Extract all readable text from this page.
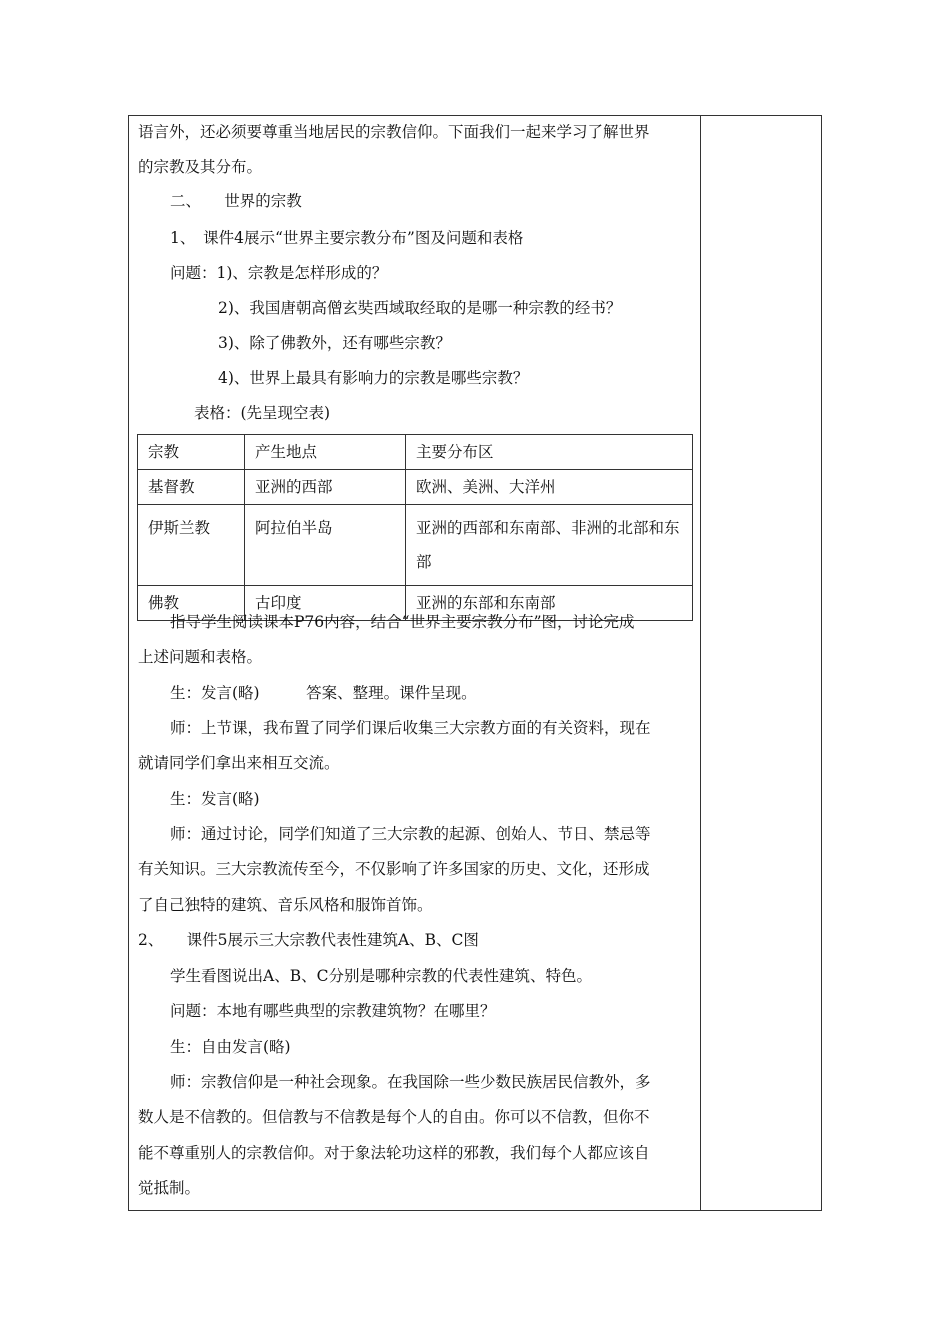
语言外，还必须要尊重当地居民的宗教信仰。下面我们一起来学习了解世界
的宗教及其分布。
二、　　世界的宗教
1、　课件4展示“世界主要宗教分布”图及问题和表格
问题：1)、宗教是怎样形成的？
2)、我国唐朝高僧玄奘西域取经取的是哪一种宗教的经书？
3)、除了佛教外，还有哪些宗教？
4)、世界上最具有影响力的宗教是哪些宗教？
表格：(先呈现空表)
宗教	产生地点	主要分布区
基督教	亚洲的西部	欧洲、美洲、大洋州
伊斯兰教	阿拉伯半岛	亚洲的西部和东南部、非洲的北部和东部
佛教	古印度	亚洲的东部和东南部
指导学生阅读课本P76内容，结合“世界主要宗教分布”图，讨论完成
上述问题和表格。
生：发言(略)　　　答案、整理。课件呈现。
师：上节课，我布置了同学们课后收集三大宗教方面的有关资料，现在
就请同学们拿出来相互交流。
生：发言(略)
师：通过讨论，同学们知道了三大宗教的起源、创始人、节日、禁忌等
有关知识。三大宗教流传至今，不仅影响了许多国家的历史、文化，还形成
了自己独特的建筑、音乐风格和服饰首饰。
2、　　课件5展示三大宗教代表性建筑A、B、C图
学生看图说出A、B、C分别是哪种宗教的代表性建筑、特色。
问题：本地有哪些典型的宗教建筑物？在哪里？
生：自由发言(略)
师：宗教信仰是一种社会现象。在我国除一些少数民族居民信教外，多
数人是不信教的。但信教与不信教是每个人的自由。你可以不信教，但你不
能不尊重别人的宗教信仰。对于象法轮功这样的邪教，我们每个人都应该自
觉抵制。
